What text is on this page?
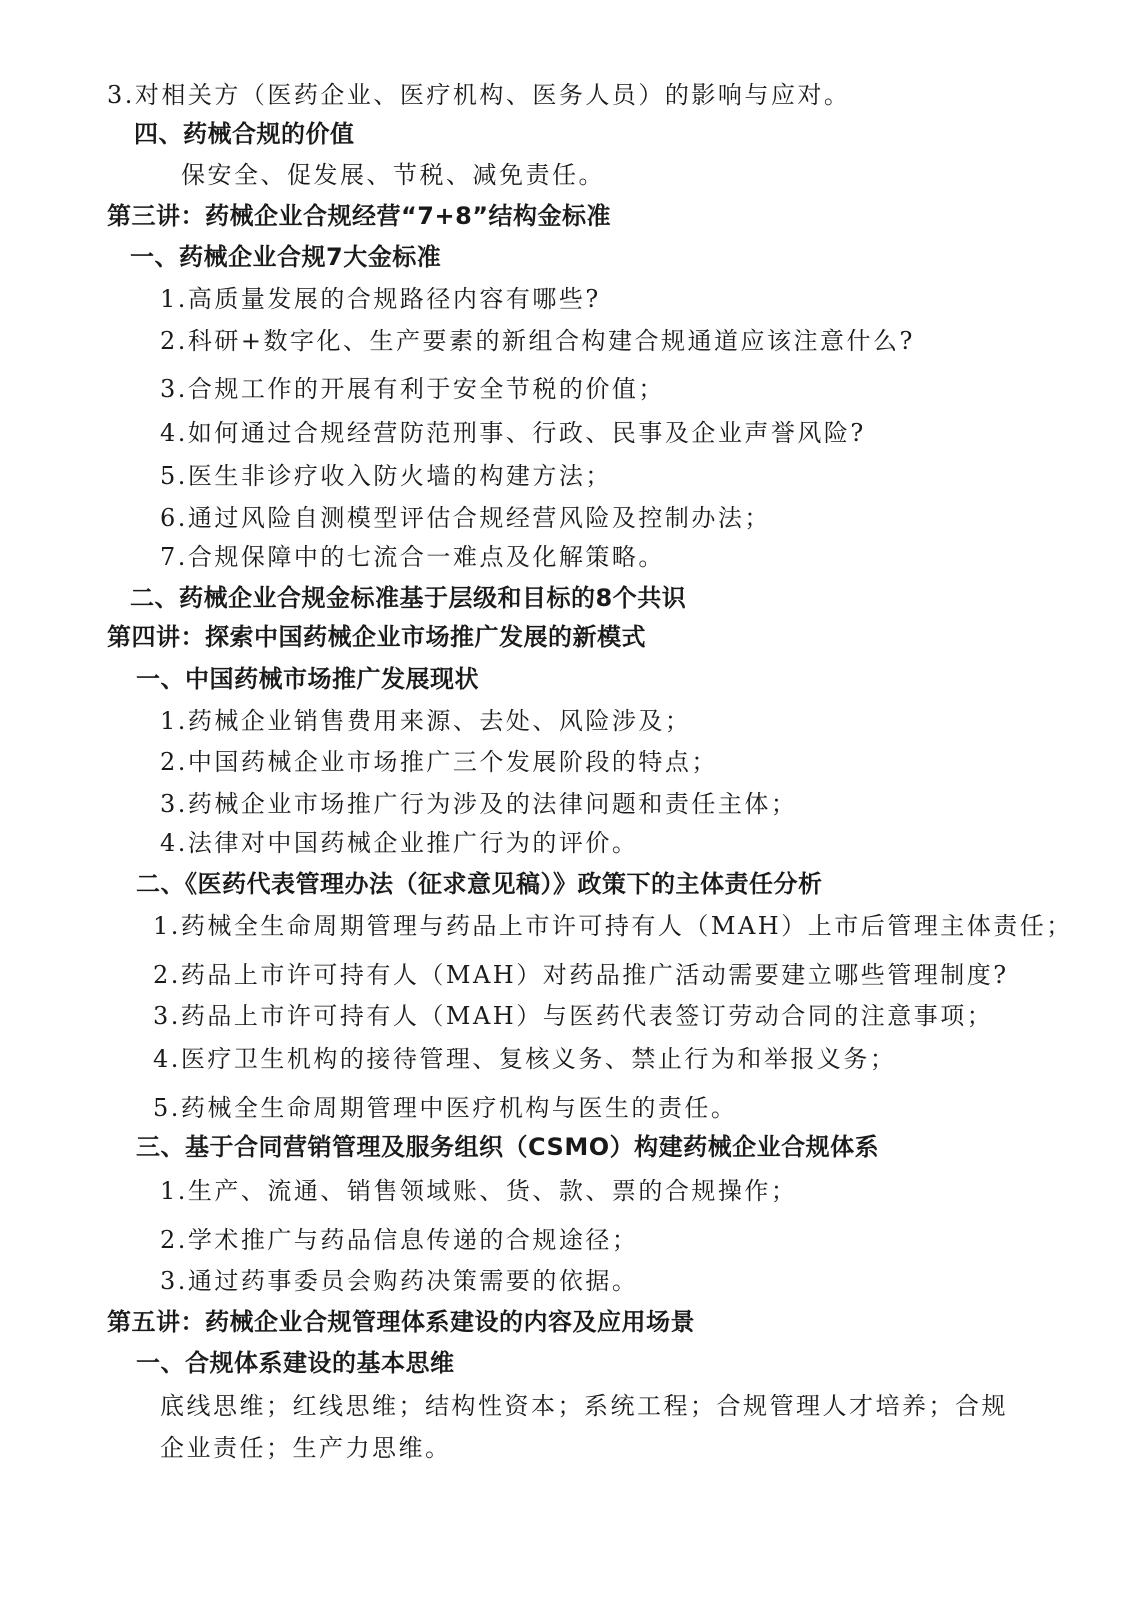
3.对相关方（医药企业、医疗机构、医务人员）的影响与应对。
四、药械合规的价值
保安全、促发展、节税、减免责任。
第三讲：药械企业合规经营“7+8”结构金标准
一、药械企业合规7大金标准
1.高质量发展的合规路径内容有哪些?
2.科研+数字化、生产要素的新组合构建合规通道应该注意什么?
3.合规工作的开展有利于安全节税的价值；
4.如何通过合规经营防范刑事、行政、民事及企业声誉风险?
5.医生非诊疗收入防火墙的构建方法；
6.通过风险自测模型评估合规经营风险及控制办法；
7.合规保障中的七流合一难点及化解策略。
二、药械企业合规金标准基于层级和目标的8个共识
第四讲：探索中国药械企业市场推广发展的新模式
一、中国药械市场推广发展现状
1.药械企业销售费用来源、去处、风险涉及；
2.中国药械企业市场推广三个发展阶段的特点；
3.药械企业市场推广行为涉及的法律问题和责任主体；
4.法律对中国药械企业推广行为的评价。
二、《医药代表管理办法（征求意见稿）》政策下的主体责任分析
1.药械全生命周期管理与药品上市许可持有人（MAH）上市后管理主体责任；
2.药品上市许可持有人（MAH）对药品推广活动需要建立哪些管理制度?
3.药品上市许可持有人（MAH）与医药代表签订劳动合同的注意事项；
4.医疗卫生机构的接待管理、复核义务、禁止行为和举报义务；
5.药械全生命周期管理中医疗机构与医生的责任。
三、基于合同营销管理及服务组织（CSMO）构建药械企业合规体系
1.生产、流通、销售领域账、货、款、票的合规操作；
2.学术推广与药品信息传递的合规途径；
3.通过药事委员会购药决策需要的依据。
第五讲：药械企业合规管理体系建设的内容及应用场景
一、合规体系建设的基本思维
底线思维；红线思维；结构性资本；系统工程；合规管理人才培养；合规
企业责任；生产力思维。
